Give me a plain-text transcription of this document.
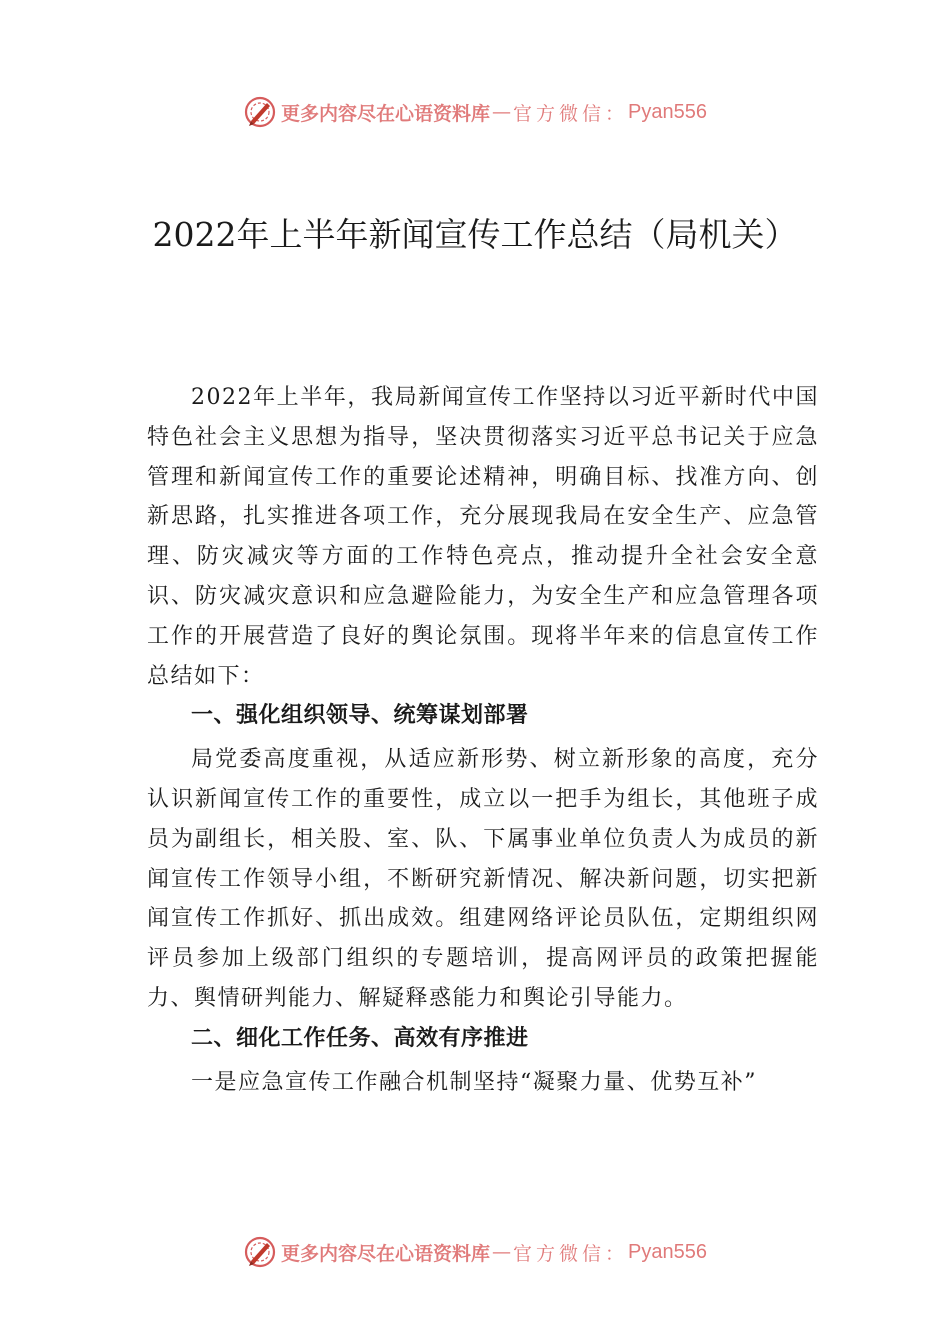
更多内容尽在心语资料库 — 官方微信： Pyan556
2022年上半年新闻宣传工作总结（局机关）

2022年上半年，我局新闻宣传工作坚持以习近平新时代中国特色社会主义思想为指导，坚决贯彻落实习近平总书记关于应急管理和新闻宣传工作的重要论述精神，明确目标、找准方向、创新思路，扎实推进各项工作，充分展现我局在安全生产、应急管理、防灾减灾等方面的工作特色亮点，推动提升全社会安全意识、防灾减灾意识和应急避险能力，为安全生产和应急管理各项工作的开展营造了良好的舆论氛围。现将半年来的信息宣传工作总结如下：

一、强化组织领导、统筹谋划部署

局党委高度重视，从适应新形势、树立新形象的高度，充分认识新闻宣传工作的重要性，成立以一把手为组长，其他班子成员为副组长，相关股、室、队、下属事业单位负责人为成员的新闻宣传工作领导小组，不断研究新情况、解决新问题，切实把新闻宣传工作抓好、抓出成效。组建网络评论员队伍，定期组织网评员参加上级部门组织的专题培训，提高网评员的政策把握能力、舆情研判能力、解疑释惑能力和舆论引导能力。

二、细化工作任务、高效有序推进

一是应急宣传工作融合机制坚持“凝聚力量、优势互补”

更多内容尽在心语资料库 — 官方微信： Pyan556
